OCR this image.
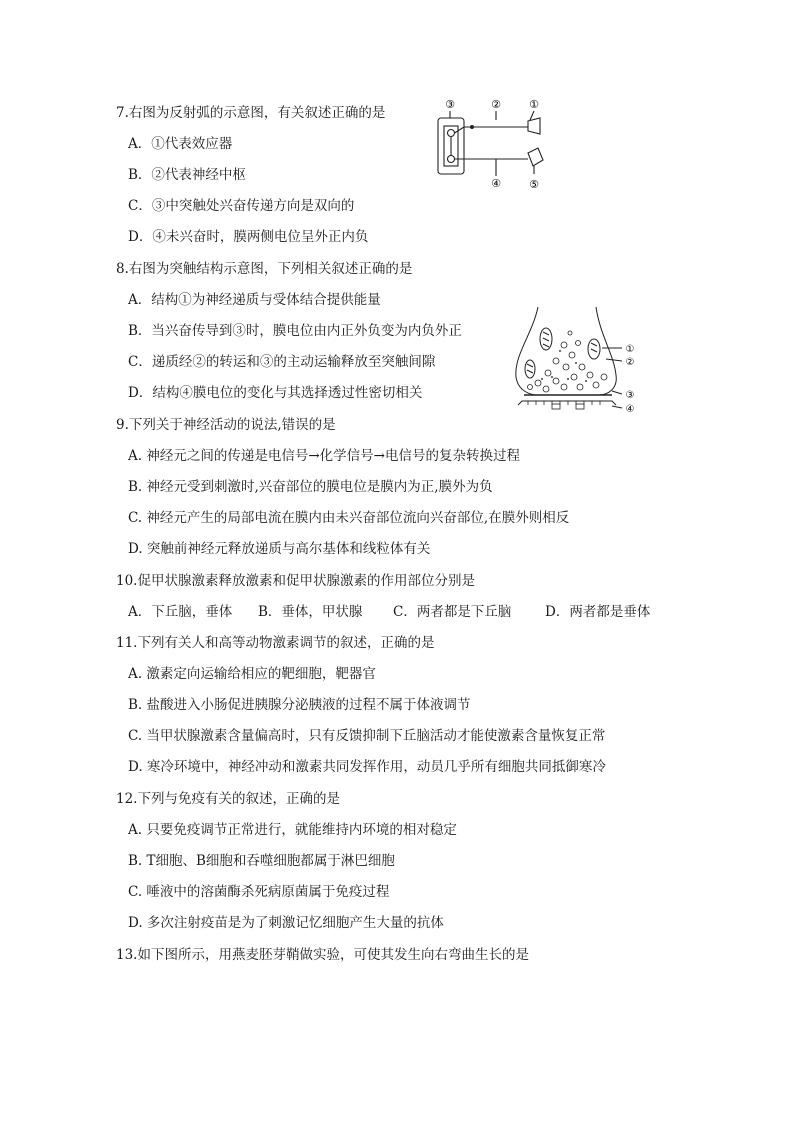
7.右图为反射弧的示意图，有关叙述正确的是
A．①代表效应器
B．②代表神经中枢
C．③中突触处兴奋传递方向是双向的
D．④未兴奋时，膜两侧电位呈外正内负
③	②	①
④	⑤
8.右图为突触结构示意图，下列相关叙述正确的是
A．结构①为神经递质与受体结合提供能量
B．当兴奋传导到③时，膜电位由内正外负变为内负外正
C．递质经②的转运和③的主动运输释放至突触间隙
D．结构④膜电位的变化与其选择透过性密切相关
①
②
③
④
9.下列关于神经活动的说法,错误的是
A. 神经元之间的传递是电信号→化学信号→电信号的复杂转换过程
B. 神经元受到刺激时,兴奋部位的膜电位是膜内为正,膜外为负
C. 神经元产生的局部电流在膜内由未兴奋部位流向兴奋部位,在膜外则相反
D. 突触前神经元释放递质与高尔基体和线粒体有关
10.促甲状腺激素释放激素和促甲状腺激素的作用部位分别是
A．下丘脑，垂体	B．垂体，甲状腺	C．两者都是下丘脑	D．两者都是垂体
11.下列有关人和高等动物激素调节的叙述，正确的是
A. 激素定向运输给相应的靶细胞，靶器官
B. 盐酸进入小肠促进胰腺分泌胰液的过程不属于体液调节
C. 当甲状腺激素含量偏高时，只有反馈抑制下丘脑活动才能使激素含量恢复正常
D. 寒冷环境中，神经冲动和激素共同发挥作用，动员几乎所有细胞共同抵御寒冷
12.下列与免疫有关的叙述，正确的是
A. 只要免疫调节正常进行，就能维持内环境的相对稳定
B. T细胞、B细胞和吞噬细胞都属于淋巴细胞
C. 唾液中的溶菌酶杀死病原菌属于免疫过程
D. 多次注射疫苗是为了刺激记忆细胞产生大量的抗体
13.如下图所示，用燕麦胚芽鞘做实验，可使其发生向右弯曲生长的是
